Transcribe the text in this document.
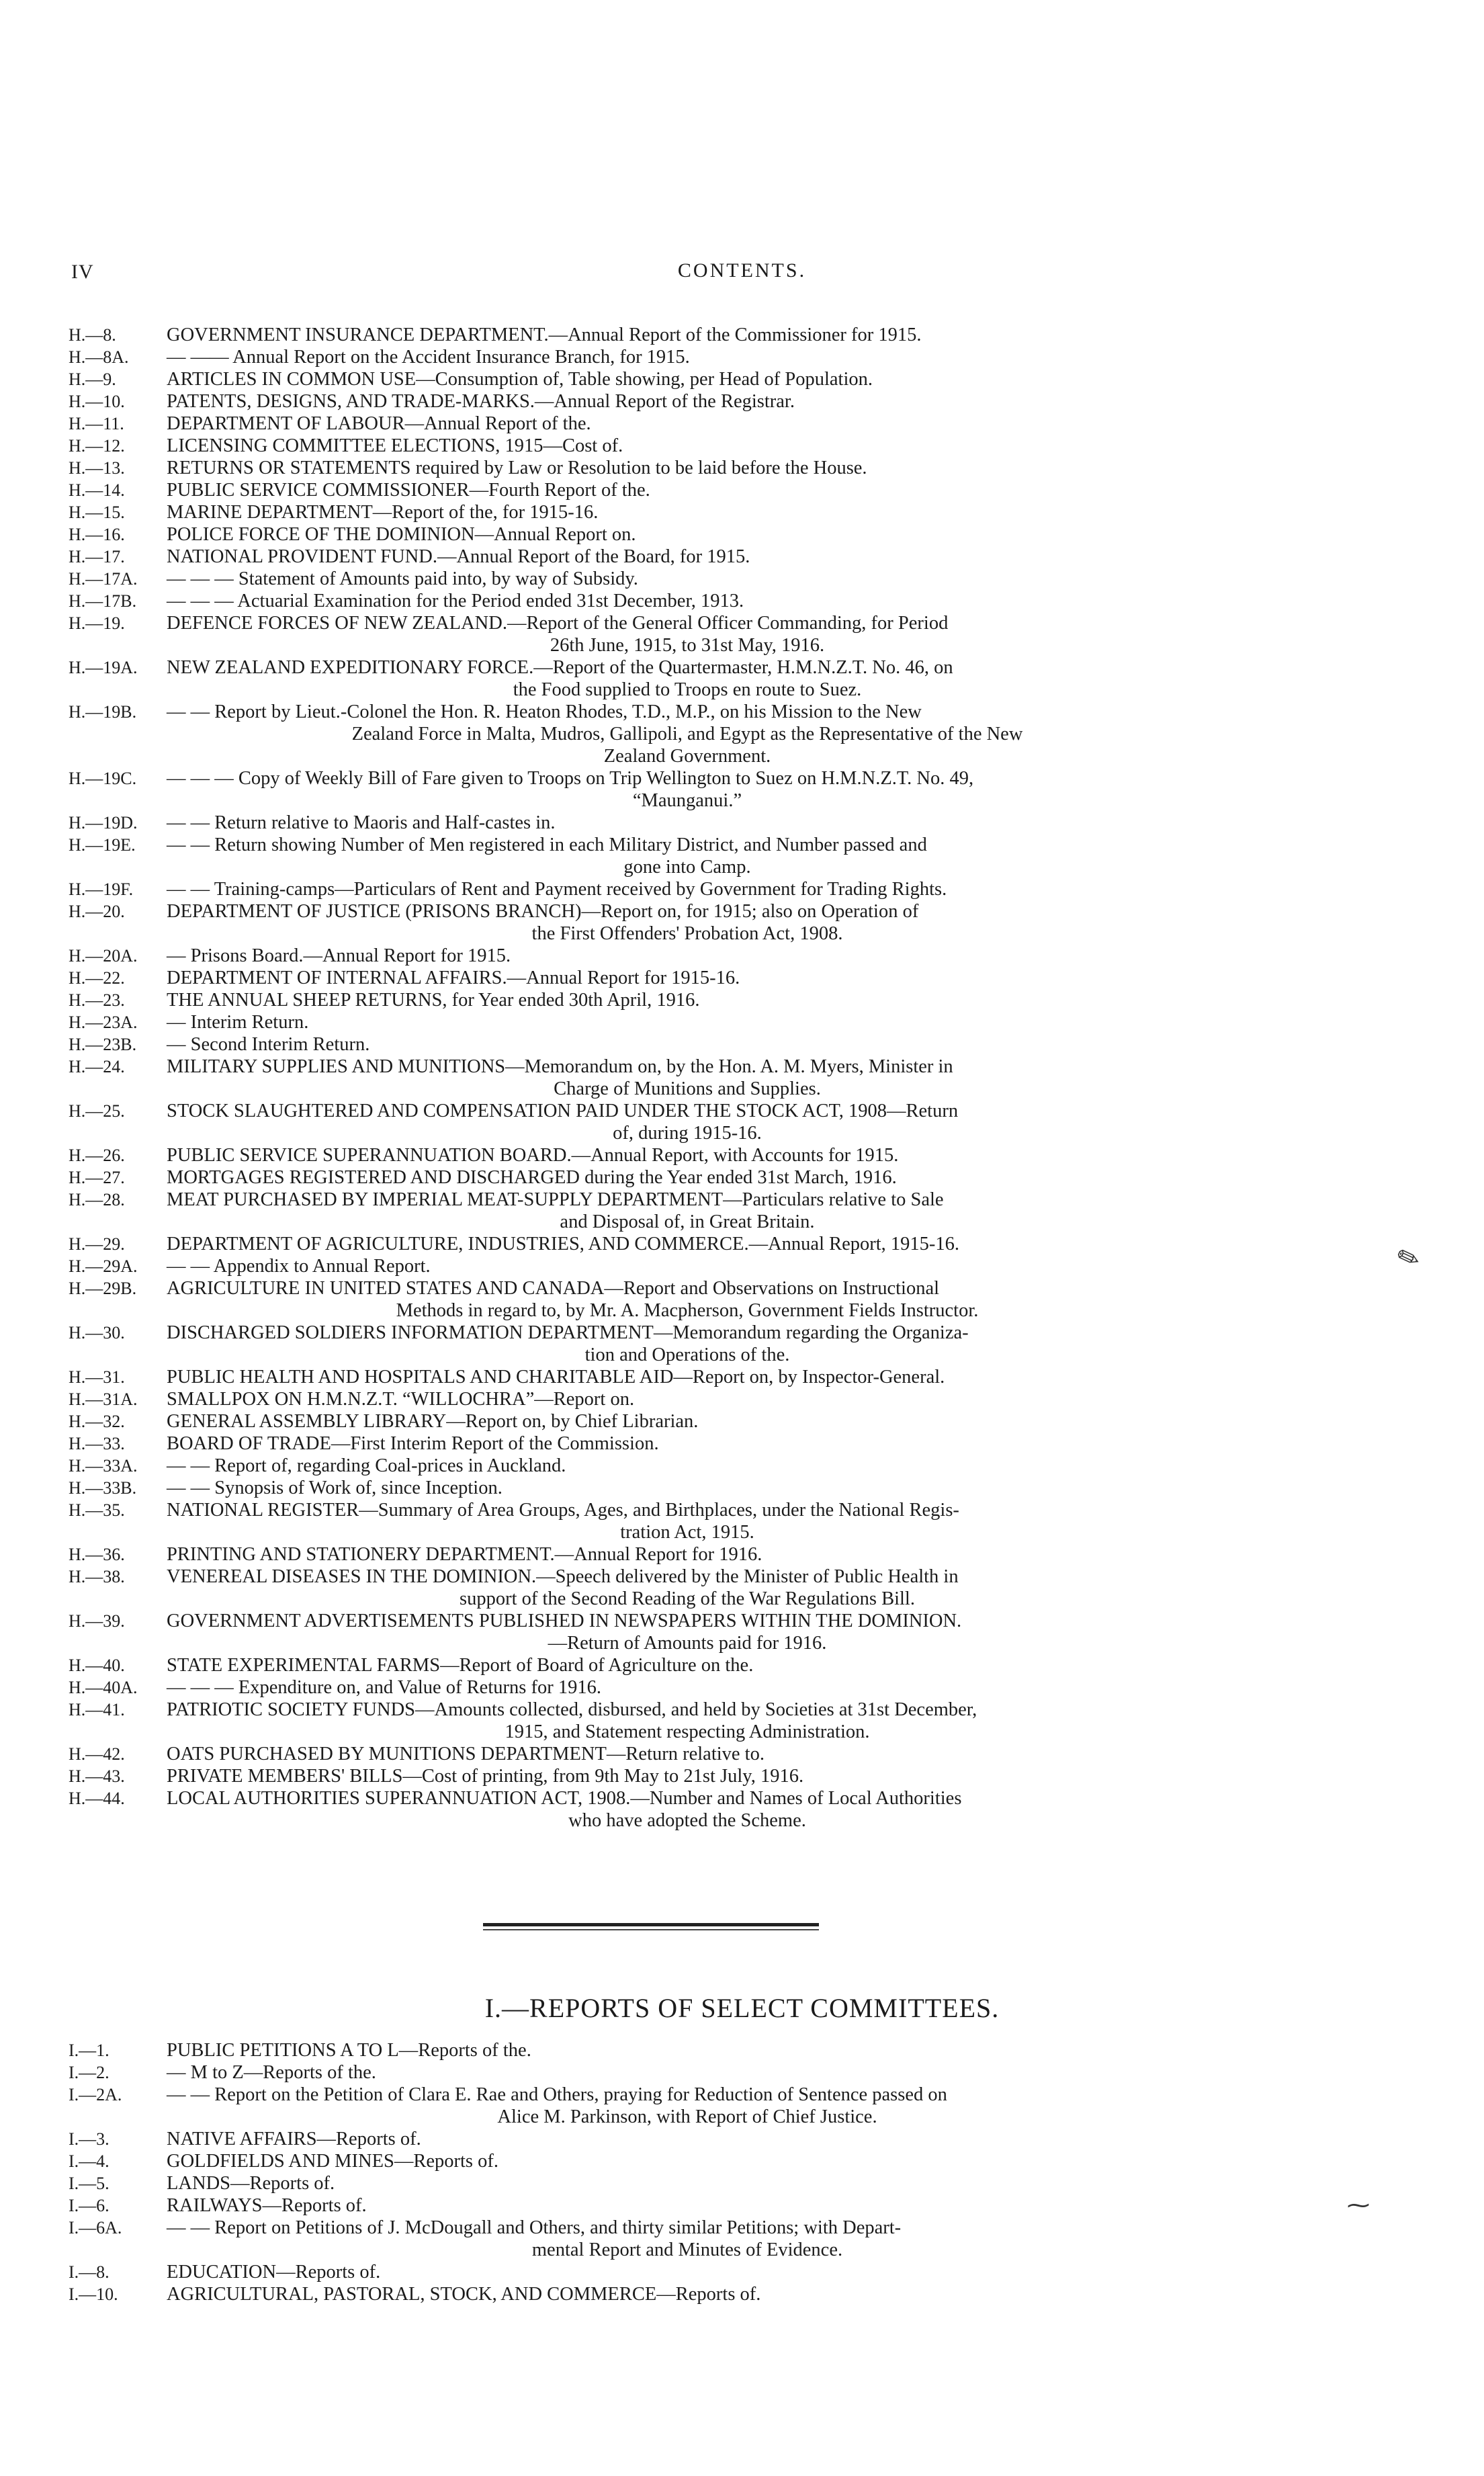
IV	CONTENTS.
H.—8.	GOVERNMENT INSURANCE DEPARTMENT.—Annual Report of the Commissioner for 1915.
H.—8A. — —— Annual Report on the Accident Insurance Branch, for 1915.
H.—9.	ARTICLES IN COMMON USE—Consumption of, Table showing, per Head of Population.
H.—10. PATENTS, DESIGNS, AND TRADE-MARKS.—Annual Report of the Registrar.
H.—11. DEPARTMENT OF LABOUR—Annual Report of the.
H.—12. LICENSING COMMITTEE ELECTIONS, 1915—Cost of.
H.—13. RETURNS OR STATEMENTS required by Law or Resolution to be laid before the House.
H.—14. PUBLIC SERVICE COMMISSIONER—Fourth Report of the.
H.—15. MARINE DEPARTMENT—Report of the, for 1915-16.
H.—16. POLICE FORCE OF THE DOMINION—Annual Report on.
H.—17. NATIONAL PROVIDENT FUND.—Annual Report of the Board, for 1915.
H.—17A. — — — Statement of Amounts paid into, by way of Subsidy.
H.—17B. — — — Actuarial Examination for the Period ended 31st December, 1913.
H.—19. DEFENCE FORCES OF NEW ZEALAND.—Report of the General Officer Commanding, for Period
26th June, 1915, to 31st May, 1916.
H.—19A. NEW ZEALAND EXPEDITIONARY FORCE.—Report of the Quartermaster, H.M.N.Z.T. No. 46, on
the Food supplied to Troops en route to Suez.
H.—19B. — — Report by Lieut.-Colonel the Hon. R. Heaton Rhodes, T.D., M.P., on his Mission to the New
Zealand Force in Malta, Mudros, Gallipoli, and Egypt as the Representative of the New
Zealand Government.
H.—19C. — — — Copy of Weekly Bill of Fare given to Troops on Trip Wellington to Suez on H.M.N.Z.T. No. 49,
“Maunganui.”
H.—19D. — — Return relative to Maoris and Half-castes in.
H.—19E. — — Return showing Number of Men registered in each Military District, and Number passed and
gone into Camp.
H.—19F. — — Training-camps—Particulars of Rent and Payment received by Government for Trading Rights.
H.—20. DEPARTMENT OF JUSTICE (PRISONS BRANCH)—Report on, for 1915; also on Operation of
the First Offenders' Probation Act, 1908.
H.—20A. — Prisons Board.—Annual Report for 1915.
H.—22. DEPARTMENT OF INTERNAL AFFAIRS.—Annual Report for 1915-16.
H.—23. THE ANNUAL SHEEP RETURNS, for Year ended 30th April, 1916.
H.—23A. — Interim Return.
H.—23B. — Second Interim Return.
H.—24. MILITARY SUPPLIES AND MUNITIONS—Memorandum on, by the Hon. A. M. Myers, Minister in
Charge of Munitions and Supplies.
H.—25. STOCK SLAUGHTERED AND COMPENSATION PAID UNDER THE STOCK ACT, 1908—Return
of, during 1915-16.
H.—26. PUBLIC SERVICE SUPERANNUATION BOARD.—Annual Report, with Accounts for 1915.
H.—27. MORTGAGES REGISTERED AND DISCHARGED during the Year ended 31st March, 1916.
H.—28. MEAT PURCHASED BY IMPERIAL MEAT-SUPPLY DEPARTMENT—Particulars relative to Sale
and Disposal of, in Great Britain.
H.—29. DEPARTMENT OF AGRICULTURE, INDUSTRIES, AND COMMERCE.—Annual Report, 1915-16.
H.—29A. — — Appendix to Annual Report.
H.—29B. AGRICULTURE IN UNITED STATES AND CANADA—Report and Observations on Instructional
Methods in regard to, by Mr. A. Macpherson, Government Fields Instructor.
H.—30. DISCHARGED SOLDIERS INFORMATION DEPARTMENT—Memorandum regarding the Organiza-
tion and Operations of the.
H.—31. PUBLIC HEALTH AND HOSPITALS AND CHARITABLE AID—Report on, by Inspector-General.
H.—31A. SMALLPOX ON H.M.N.Z.T. “WILLOCHRA”—Report on.
H.—32. GENERAL ASSEMBLY LIBRARY—Report on, by Chief Librarian.
H.—33. BOARD OF TRADE—First Interim Report of the Commission.
H.—33A. — — Report of, regarding Coal-prices in Auckland.
H.—33B. — — Synopsis of Work of, since Inception.
H.—35. NATIONAL REGISTER—Summary of Area Groups, Ages, and Birthplaces, under the National Regis-
tration Act, 1915.
H.—36. PRINTING AND STATIONERY DEPARTMENT.—Annual Report for 1916.
H.—38. VENEREAL DISEASES IN THE DOMINION.—Speech delivered by the Minister of Public Health in
support of the Second Reading of the War Regulations Bill.
H.—39. GOVERNMENT ADVERTISEMENTS PUBLISHED IN NEWSPAPERS WITHIN THE DOMINION.
—Return of Amounts paid for 1916.
H.—40. STATE EXPERIMENTAL FARMS—Report of Board of Agriculture on the.
H.—40A. — — — Expenditure on, and Value of Returns for 1916.
H.—41. PATRIOTIC SOCIETY FUNDS—Amounts collected, disbursed, and held by Societies at 31st December,
1915, and Statement respecting Administration.
H.—42. OATS PURCHASED BY MUNITIONS DEPARTMENT—Return relative to.
H.—43. PRIVATE MEMBERS' BILLS—Cost of printing, from 9th May to 21st July, 1916.
H.—44. LOCAL AUTHORITIES SUPERANNUATION ACT, 1908.—Number and Names of Local Authorities
who have adopted the Scheme.
I.—REPORTS OF SELECT COMMITTEES.
I.—1.	PUBLIC PETITIONS A TO L—Reports of the.
I.—2.	— M to Z—Reports of the.
I.—2A. — — Report on the Petition of Clara E. Rae and Others, praying for Reduction of Sentence passed on
Alice M. Parkinson, with Report of Chief Justice.
I.—3.	NATIVE AFFAIRS—Reports of.
I.—4.	GOLDFIELDS AND MINES—Reports of.
I.—5.	LANDS—Reports of.
I.—6.	RAILWAYS—Reports of.
I.—6A. — — Report on Petitions of J. McDougall and Others, and thirty similar Petitions; with Depart-
mental Report and Minutes of Evidence.
I.—8.	EDUCATION—Reports of.
I.—10.	AGRICULTURAL, PASTORAL, STOCK, AND COMMERCE—Reports of.
✎
⁓
